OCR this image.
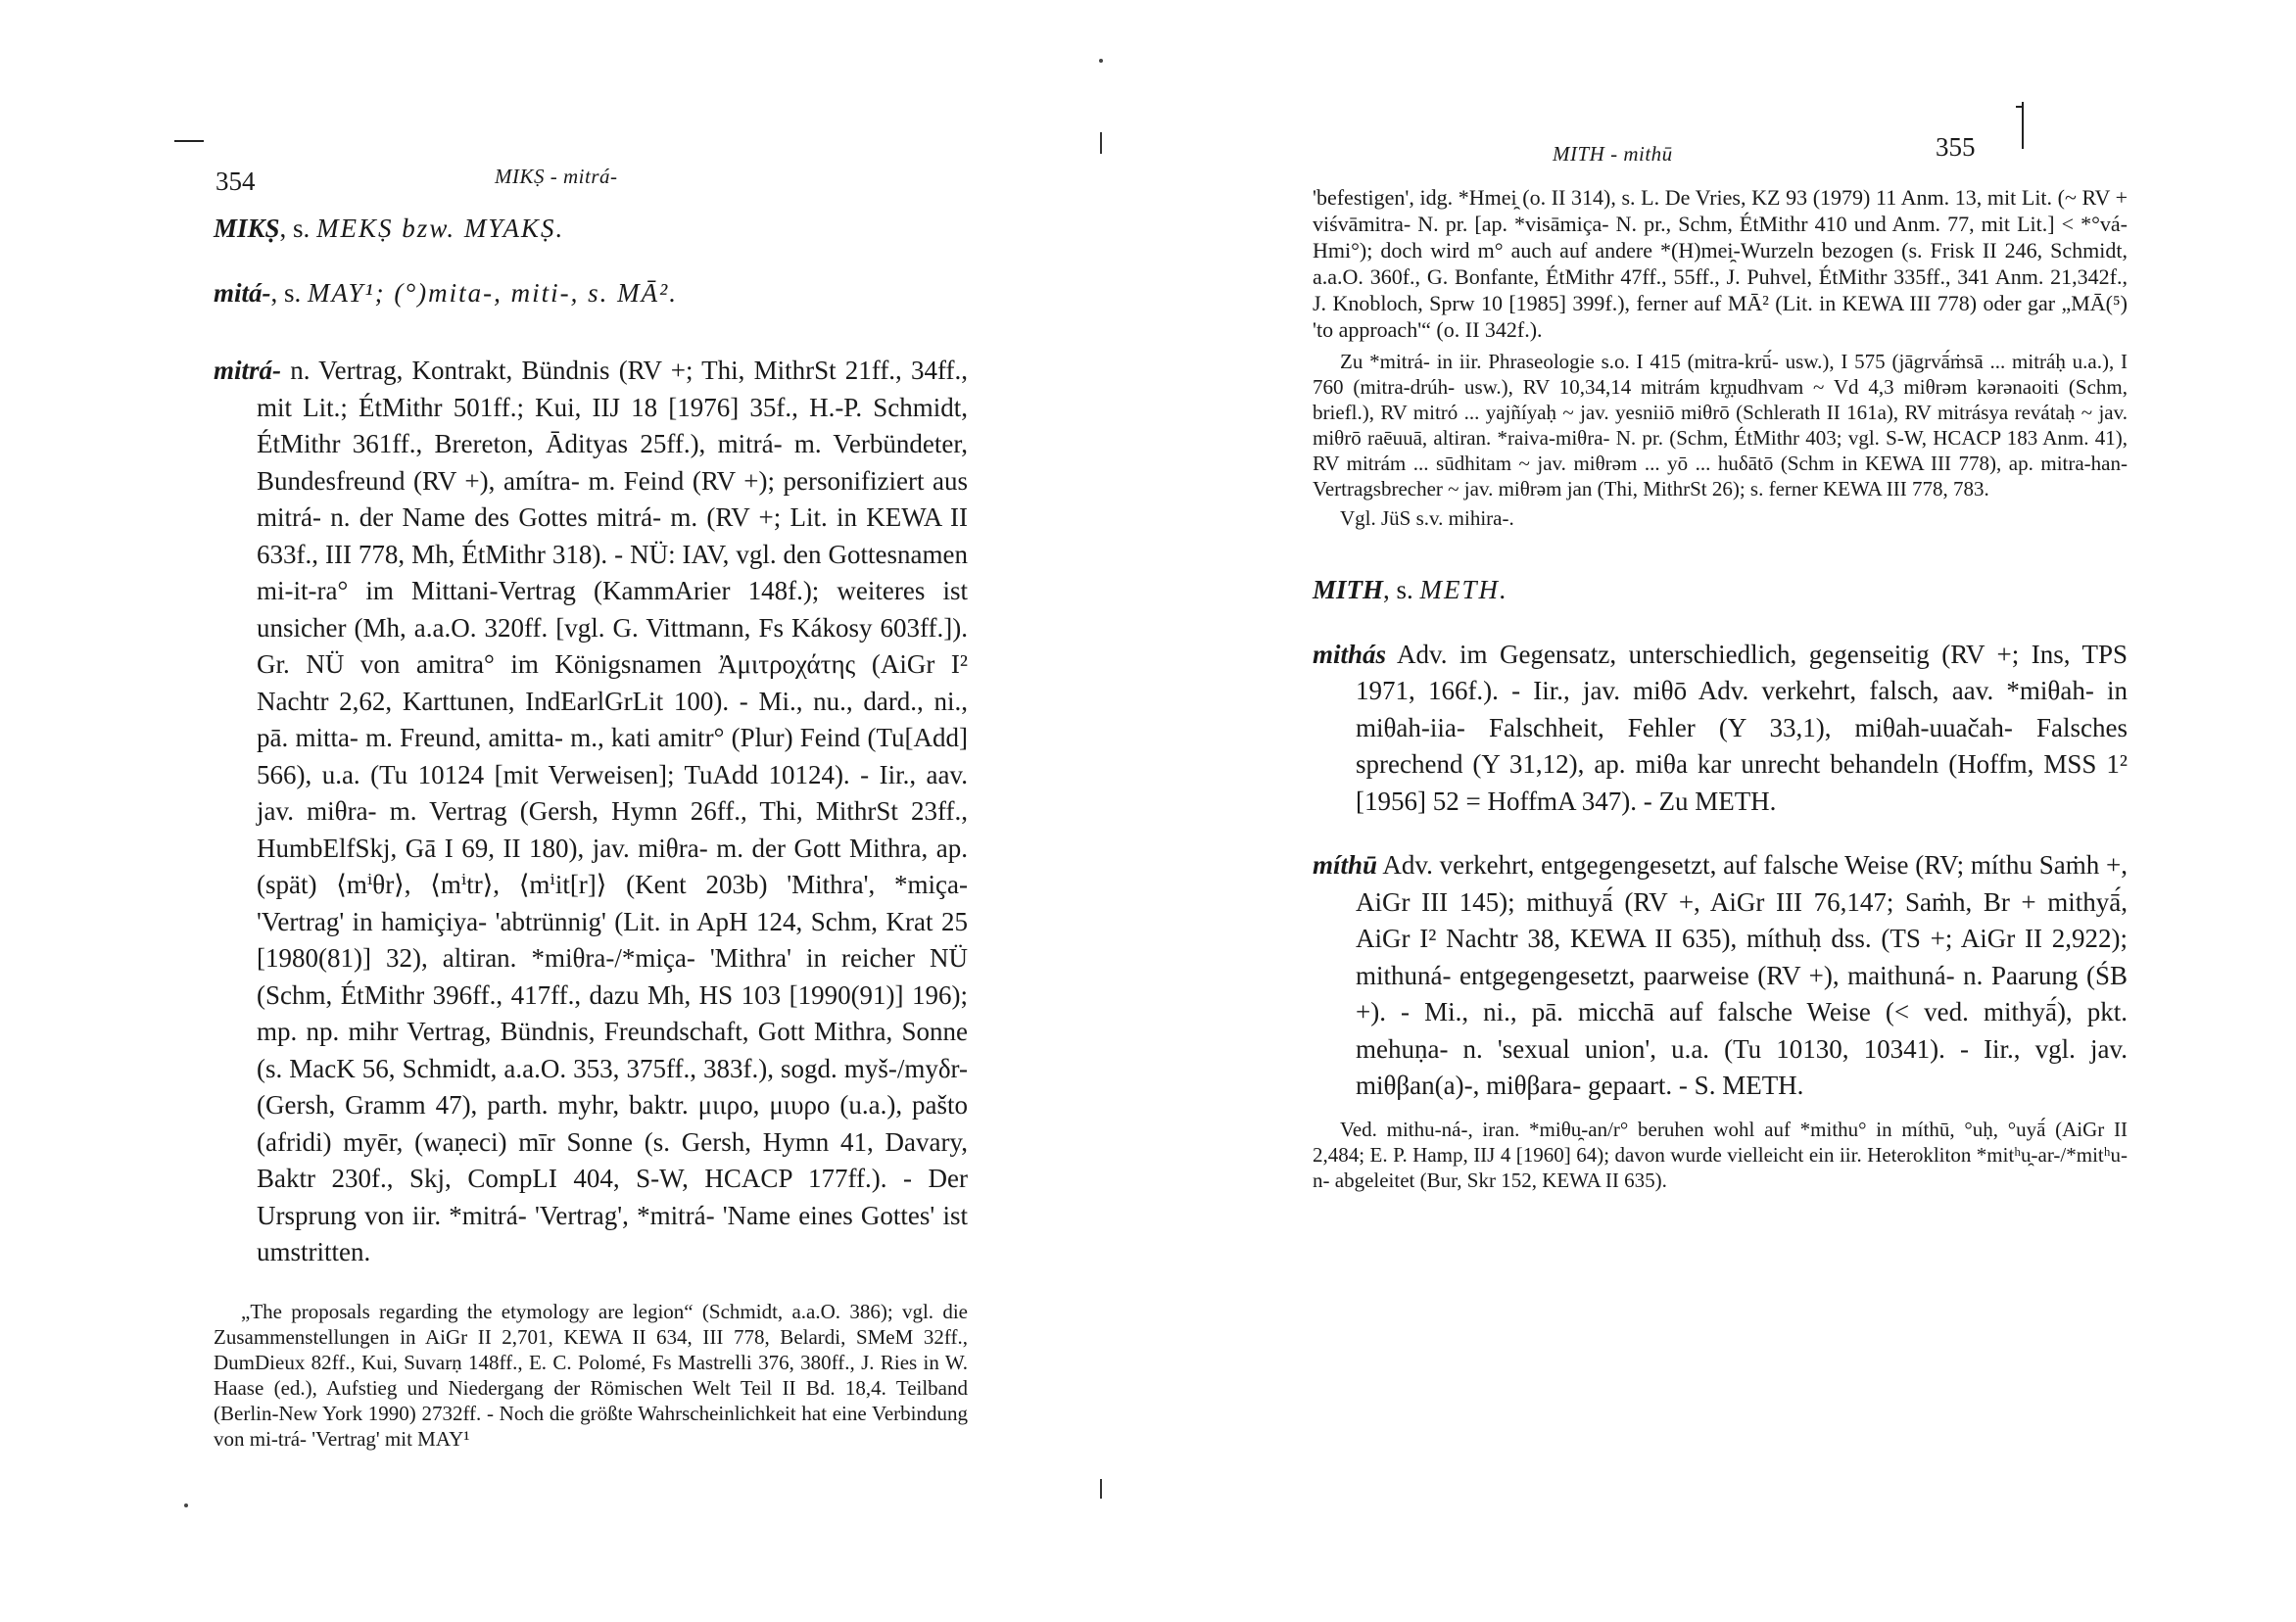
354	MIKṢ - mitrá-

MIKṢ, s. MEKṢ bzw. MYAKṢ.

mitá-, s. MAY¹; (°)mita-, miti-, s. MĀ².

mitrá- n. Vertrag, Kontrakt, Bündnis (RV +; Thi, MithrSt 21ff., 34ff., mit Lit.; ÉtMithr 501ff.; Kui, IIJ 18 [1976] 35f., H.-P. Schmidt, ÉtMithr 361ff., Brereton, Ādityas 25ff.), mitrá- m. Verbündeter, Bundesfreund (RV +), amítra- m. Feind (RV +); personifiziert aus mitrá- n. der Name des Gottes mitrá- m. (RV +; Lit. in KEWA II 633f., III 778, Mh, ÉtMithr 318). - NÜ: IAV, vgl. den Gottesnamen mi-it-ra° im Mittani-Vertrag (KammArier 148f.); weiteres ist unsicher (Mh, a.a.O. 320ff. [vgl. G. Vittmann, Fs Kákosy 603ff.]). Gr. NÜ von amitra° im Königsnamen Ἀμιτροχάτης (AiGr I² Nachtr 2,62, Karttunen, IndEarlGrLit 100). - Mi., nu., dard., ni., pā. mitta- m. Freund, amitta- m., kati amitr° (Plur) Feind (Tu[Add] 566), u.a. (Tu 10124 [mit Verweisen]; TuAdd 10124). - Iir., aav. jav. miθra- m. Vertrag (Gersh, Hymn 26ff., Thi, MithrSt 23ff., HumbElfSkj, Gā I 69, II 180), jav. miθra- m. der Gott Mithra, ap. (spät) ⟨mⁱθr⟩, ⟨mⁱtr⟩, ⟨mⁱit[r]⟩ (Kent 203b) 'Mithra', *miça- 'Vertrag' in hamiçiya- 'abtrünnig' (Lit. in ApH 124, Schm, Krat 25 [1980(81)] 32), altiran. *miθra-/*miça- 'Mithra' in reicher NÜ (Schm, ÉtMithr 396ff., 417ff., dazu Mh, HS 103 [1990(91)] 196); mp. np. mihr Vertrag, Bündnis, Freundschaft, Gott Mithra, Sonne (s. MacK 56, Schmidt, a.a.O. 353, 375ff., 383f.), sogd. myš-/myδr- (Gersh, Gramm 47), parth. myhr, baktr. μιιρο, μιυρο (u.a.), pašto (afridi) myēr, (waṇeci) mīr Sonne (s. Gersh, Hymn 41, Davary, Baktr 230f., Skj, CompLI 404, S-W, HCACP 177ff.). - Der Ursprung von iir. *mitrá- 'Vertrag', *mitrá- 'Name eines Gottes' ist umstritten.

„The proposals regarding the etymology are legion“ (Schmidt, a.a.O. 386); vgl. die Zusammenstellungen in AiGr II 2,701, KEWA II 634, III 778, Belardi, SMeM 32ff., DumDieux 82ff., Kui, Suvarṇ 148ff., E. C. Polomé, Fs Mastrelli 376, 380ff., J. Ries in W. Haase (ed.), Aufstieg und Niedergang der Römischen Welt Teil II Bd. 18,4. Teilband (Berlin-New York 1990) 2732ff. - Noch die größte Wahrscheinlichkeit hat eine Verbindung von mi-trá- 'Vertrag' mit MAY¹

MITH - mithū	355

'befestigen', idg. *Hmei̯ (o. II 314), s. L. De Vries, KZ 93 (1979) 11 Anm. 13, mit Lit. (~ RV + viśvāmitra- N. pr. [ap. *visāmiça- N. pr., Schm, ÉtMithr 410 und Anm. 77, mit Lit.] < *°vá-Hmi°); doch wird m° auch auf andere *(H)mei̯-Wurzeln bezogen (s. Frisk II 246, Schmidt, a.a.O. 360f., G. Bonfante, ÉtMithr 47ff., 55ff., J. Puhvel, ÉtMithr 335ff., 341 Anm. 21,342f., J. Knobloch, Sprw 10 [1985] 399f.), ferner auf MĀ² (Lit. in KEWA III 778) oder gar „MĀ(⁵) 'to approach'“ (o. II 342f.).

Zu *mitrá- in iir. Phraseologie s.o. I 415 (mitra-krū́- usw.), I 575 (jāgrvā́ṁsā ... mitráḥ u.a.), I 760 (mitra-drúh- usw.), RV 10,34,14 mitrám kr̥ṇudhvam ~ Vd 4,3 miθrəm kərənaoiti (Schm, briefl.), RV mitró ... yajñíyaḥ ~ jav. yesniiō miθrō (Schlerath II 161a), RV mitrásya revátaḥ ~ jav. miθrō raēuuā, altiran. *raiva-miθra- N. pr. (Schm, ÉtMithr 403; vgl. S-W, HCACP 183 Anm. 41), RV mitrám ... sūdhitam ~ jav. miθrəm ... yō ... huδātō (Schm in KEWA III 778), ap. mitra-han- Vertragsbrecher ~ jav. miθrəm jan (Thi, MithrSt 26); s. ferner KEWA III 778, 783.

Vgl. JüS s.v. mihira-.

MITH, s. METH.

mithás Adv. im Gegensatz, unterschiedlich, gegenseitig (RV +; Ins, TPS 1971, 166f.). - Iir., jav. miθō Adv. verkehrt, falsch, aav. *miθah- in miθah-iia- Falschheit, Fehler (Y 33,1), miθah-uuačah- Falsches sprechend (Y 31,12), ap. miθa kar unrecht behandeln (Hoffm, MSS 1² [1956] 52 = HoffmA 347). - Zu METH.

míthū Adv. verkehrt, entgegengesetzt, auf falsche Weise (RV; míthu Saṁh +, AiGr III 145); mithuyā́ (RV +, AiGr III 76,147; Saṁh, Br + mithyā́, AiGr I² Nachtr 38, KEWA II 635), míthuḥ dss. (TS +; AiGr II 2,922); mithuná- entgegengesetzt, paarweise (RV +), maithuná- n. Paarung (ŚB +). - Mi., ni., pā. micchā auf falsche Weise (< ved. mithyā́), pkt. mehuṇa- n. 'sexual union', u.a. (Tu 10130, 10341). - Iir., vgl. jav. miθβan(a)-, miθβara- gepaart. - S. METH.

Ved. mithu-ná-, iran. *miθu̯-an/r° beruhen wohl auf *mithu° in míthū, °uḥ, °uyā́ (AiGr II 2,484; E. P. Hamp, IIJ 4 [1960] 64); davon wurde vielleicht ein iir. Heterokliton *mitʰu̯-ar-/*mitʰu-n- abgeleitet (Bur, Skr 152, KEWA II 635).
